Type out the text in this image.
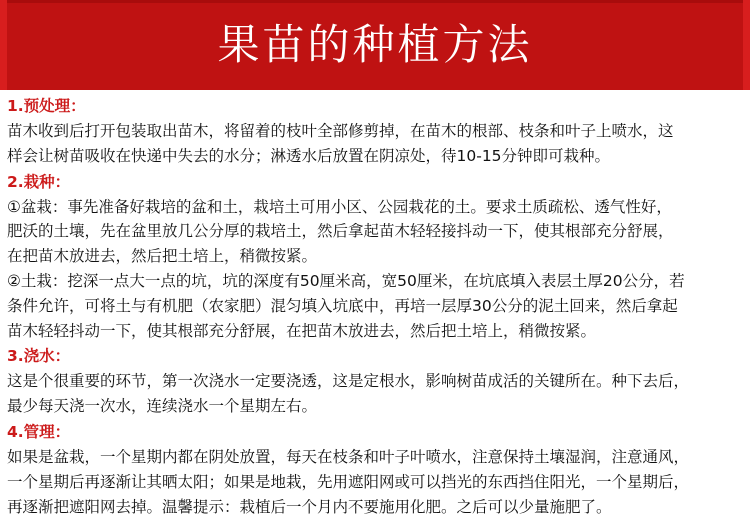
果苗的种植方法
1.预处理：
苗木收到后打开包装取出苗木，将留着的枝叶全部修剪掉，在苗木的根部、枝条和叶子上喷水，这
样会让树苗吸收在快递中失去的水分；淋透水后放置在阴凉处，待10-15分钟即可栽种。
2.栽种：
①盆栽：事先准备好栽培的盆和土，栽培土可用小区、公园栽花的土。要求土质疏松、透气性好，
肥沃的土壤，先在盆里放几公分厚的栽培土，然后拿起苗木轻轻接抖动一下，使其根部充分舒展，
在把苗木放进去，然后把土培上，稍微按紧。
②土栽：挖深一点大一点的坑，坑的深度有50厘米高，宽50厘米，在坑底填入表层土厚20公分，若
条件允许，可将土与有机肥（农家肥）混匀填入坑底中，再培一层厚30公分的泥土回来，然后拿起
苗木轻轻抖动一下，使其根部充分舒展，在把苗木放进去，然后把土培上，稍微按紧。
3.浇水：
这是个很重要的环节，第一次浇水一定要浇透，这是定根水，影响树苗成活的关键所在。种下去后，
最少每天浇一次水，连续浇水一个星期左右。
4.管理：
如果是盆栽，一个星期内都在阴处放置，每天在枝条和叶子叶喷水，注意保持土壤湿润，注意通风，
一个星期后再逐渐让其晒太阳；如果是地栽，先用遮阳网或可以挡光的东西挡住阳光，一个星期后，
再逐渐把遮阳网去掉。温馨提示：栽植后一个月内不要施用化肥。之后可以少量施肥了。
